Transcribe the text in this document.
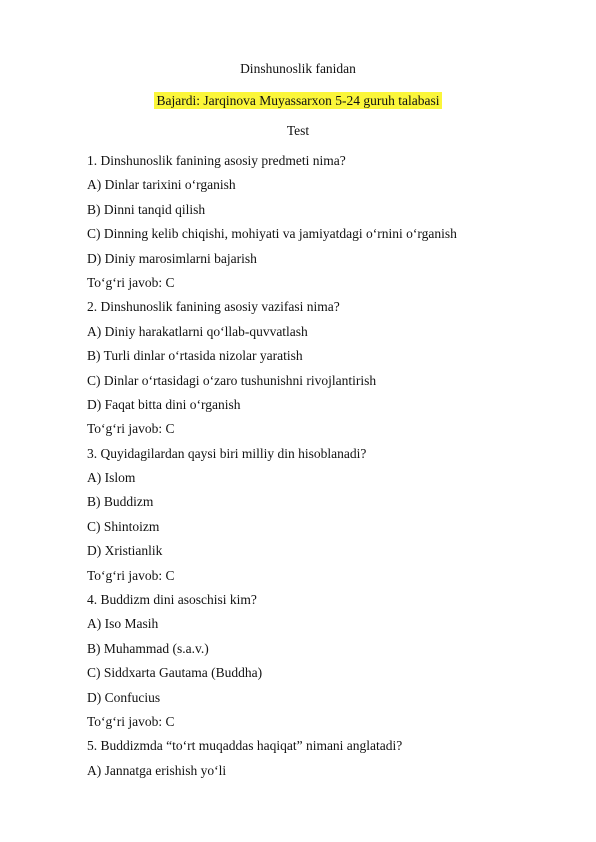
Dinshunoslik fanidan
Bajardi: Jarqinova Muyassarxon 5-24 guruh talabasi
Test
1. Dinshunoslik fanining asosiy predmeti nima?
A) Dinlar tarixini o‘rganish
B) Dinni tanqid qilish
C) Dinning kelib chiqishi, mohiyati va jamiyatdagi o‘rnini o‘rganish
D) Diniy marosimlarni bajarish
To‘g‘ri javob: C
2. Dinshunoslik fanining asosiy vazifasi nima?
A) Diniy harakatlarni qo‘llab-quvvatlash
B) Turli dinlar o‘rtasida nizolar yaratish
C) Dinlar o‘rtasidagi o‘zaro tushunishni rivojlantirish
D) Faqat bitta dini o‘rganish
To‘g‘ri javob: C
3. Quyidagilardan qaysi biri milliy din hisoblanadi?
A) Islom
B) Buddizm
C) Shintoizm
D) Xristianlik
To‘g‘ri javob: C
4. Buddizm dini asoschisi kim?
A) Iso Masih
B) Muhammad (s.a.v.)
C) Siddxarta Gautama (Buddha)
D) Confucius
To‘g‘ri javob: C
5. Buddizmda “to‘rt muqaddas haqiqat” nimani anglatadi?
A) Jannatga erishish yo‘li
